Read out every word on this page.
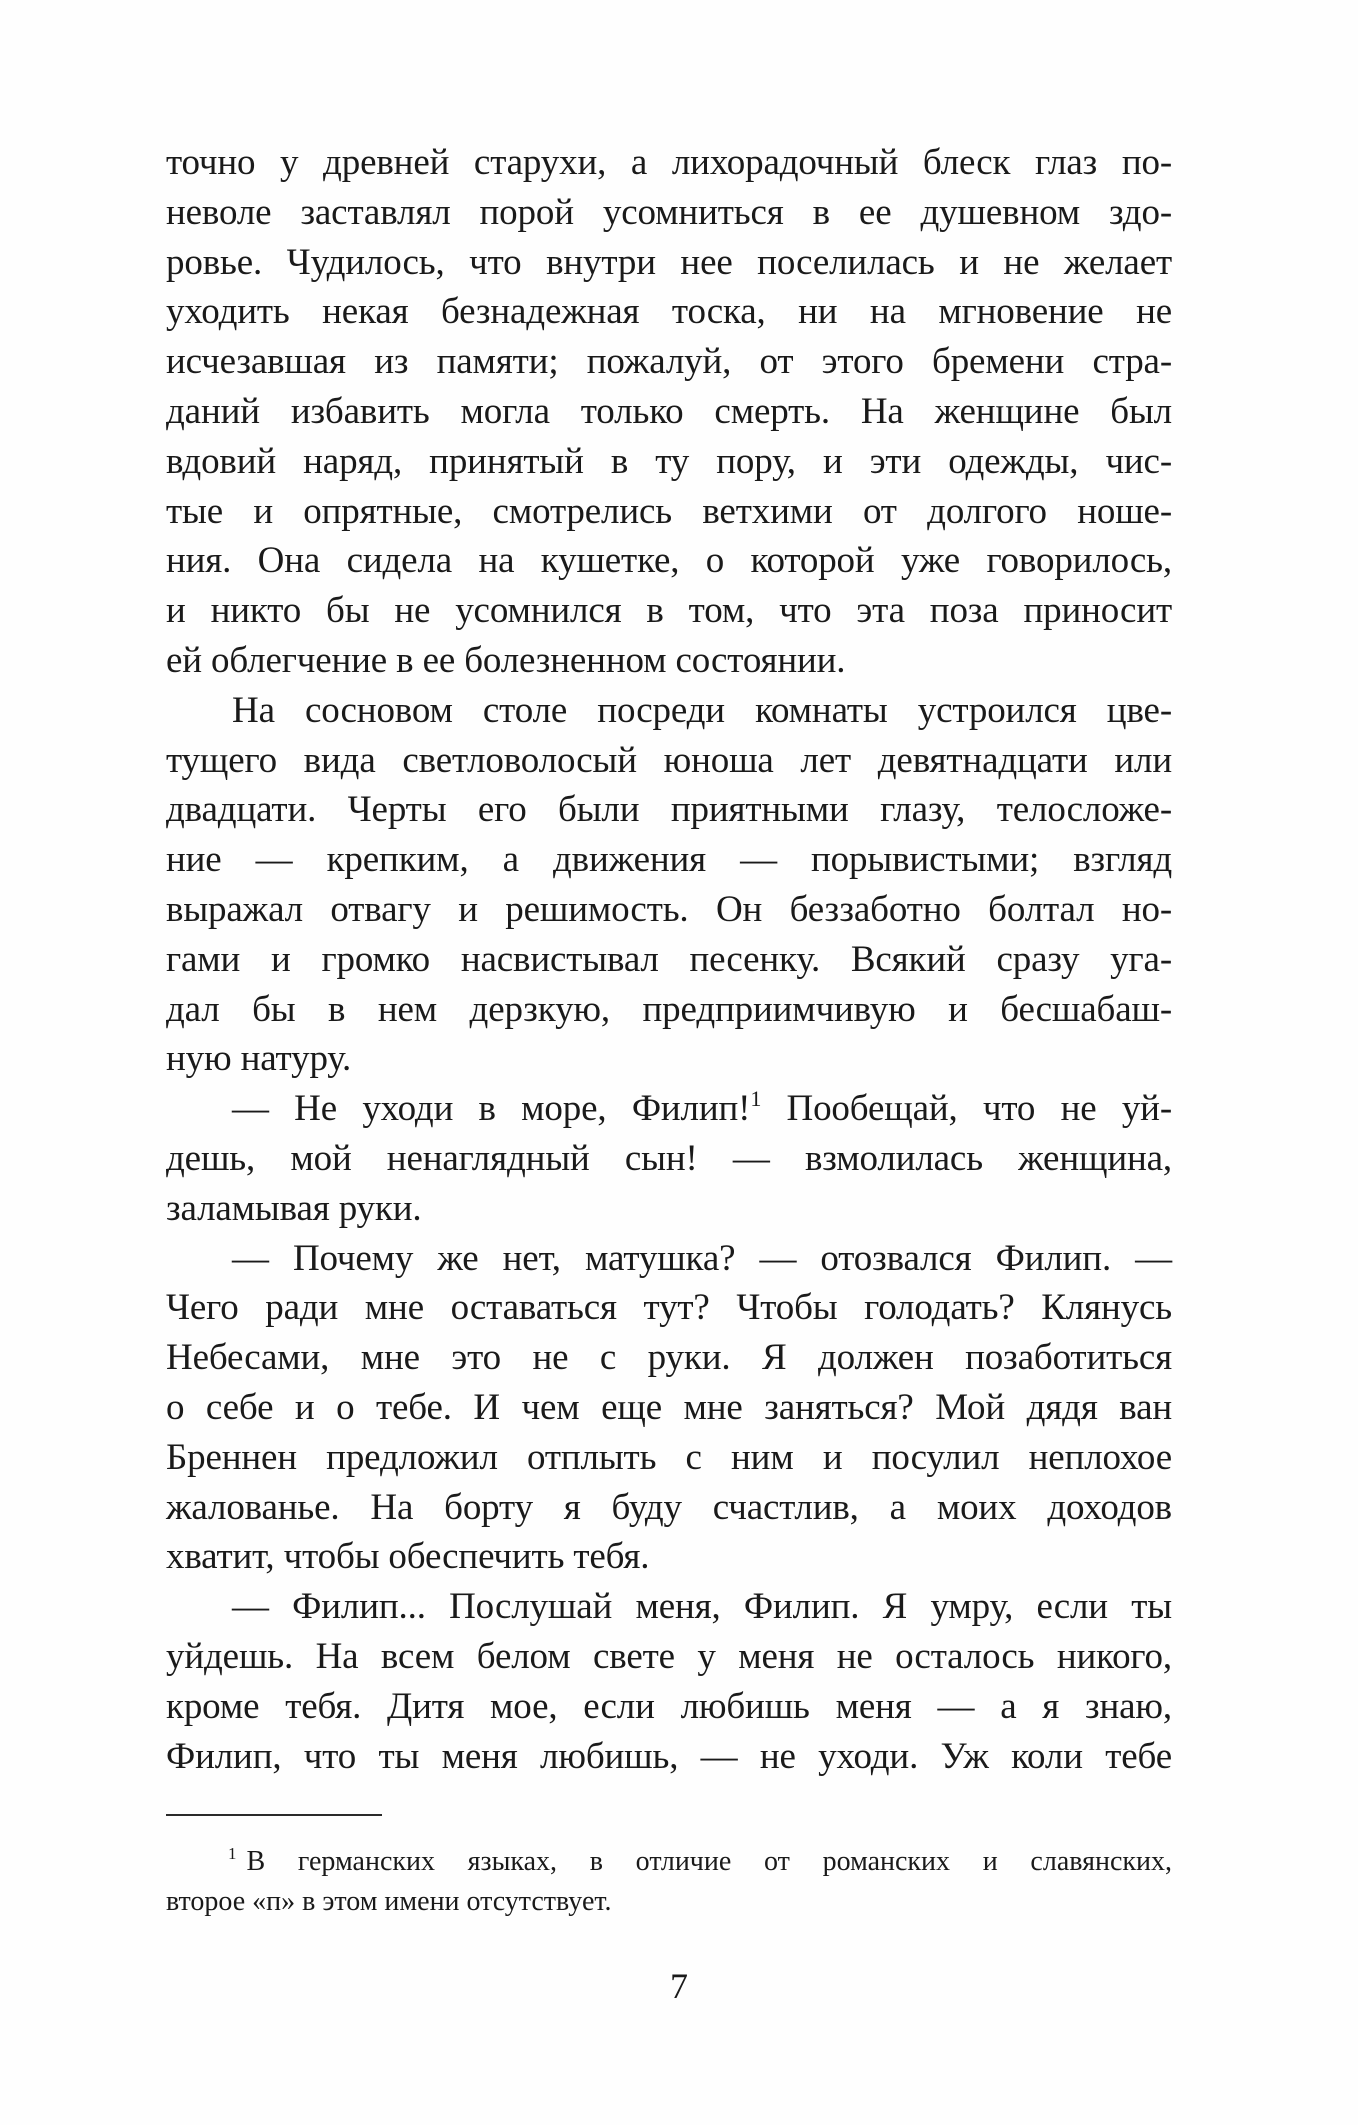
точно у древней старухи, а лихорадочный блеск глаз по-
неволе заставлял порой усомниться в ее душевном здо-
ровье. Чудилось, что внутри нее поселилась и не желает
уходить некая безнадежная тоска, ни на мгновение не
исчезавшая из памяти; пожалуй, от этого бремени стра-
даний избавить могла только смерть. На женщине был
вдовий наряд, принятый в ту пору, и эти одежды, чис-
тые и опрятные, смотрелись ветхими от долгого ноше-
ния. Она сидела на кушетке, о которой уже говорилось,
и никто бы не усомнился в том, что эта поза приносит
ей облегчение в ее болезненном состоянии.
На сосновом столе посреди комнаты устроился цве-
тущего вида светловолосый юноша лет девятнадцати или
двадцати. Черты его были приятными глазу, телосложе-
ние — крепким, а движения — порывистыми; взгляд
выражал отвагу и решимость. Он беззаботно болтал но-
гами и громко насвистывал песенку. Всякий сразу уга-
дал бы в нем дерзкую, предприимчивую и бесшабаш-
ную натуру.
— Не уходи в море, Филип!$^1$ Пообещай, что не уй-
дешь, мой ненаглядный сын! — взмолилась женщина,
заламывая руки.
— Почему же нет, матушка? — отозвался Филип. —
Чего ради мне оставаться тут? Чтобы голодать? Клянусь
Небесами, мне это не с руки. Я должен позаботиться
о себе и о тебе. И чем еще мне заняться? Мой дядя ван
Бреннен предложил отплыть с ним и посулил неплохое
жалованье. На борту я буду счастлив, а моих доходов
хватит, чтобы обеспечить тебя.
— Филип... Послушай меня, Филип. Я умру, если ты
уйдешь. На всем белом свете у меня не осталось никого,
кроме тебя. Дитя мое, если любишь меня — а я знаю,
Филип, что ты меня любишь, — не уходи. Уж коли тебе
$^1$ В германских языках, в отличие от романских и славянских,
второе «п» в этом имени отсутствует.
7
